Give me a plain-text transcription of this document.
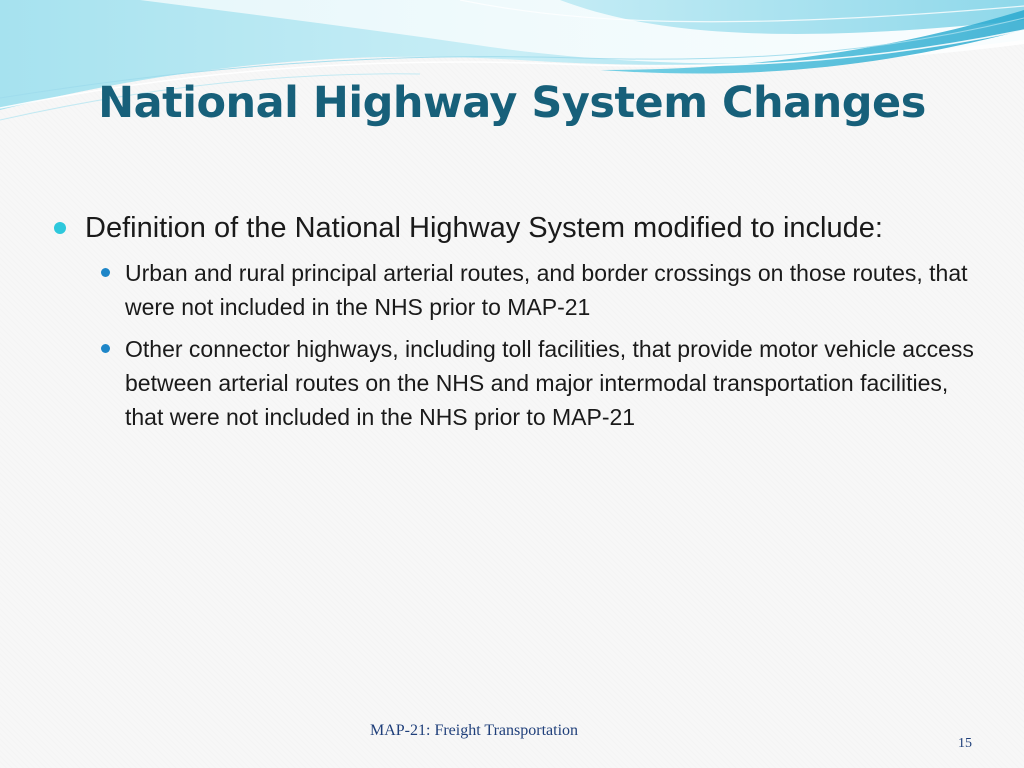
National Highway System Changes
Definition of the National Highway System modified to include:
Urban and rural principal arterial routes, and border crossings on those routes, that were not included in the NHS prior to MAP-21
Other connector highways, including toll facilities, that provide motor vehicle access between arterial routes on the NHS and major intermodal transportation facilities, that were not included in the NHS prior to MAP-21
MAP-21: Freight Transportation
15
